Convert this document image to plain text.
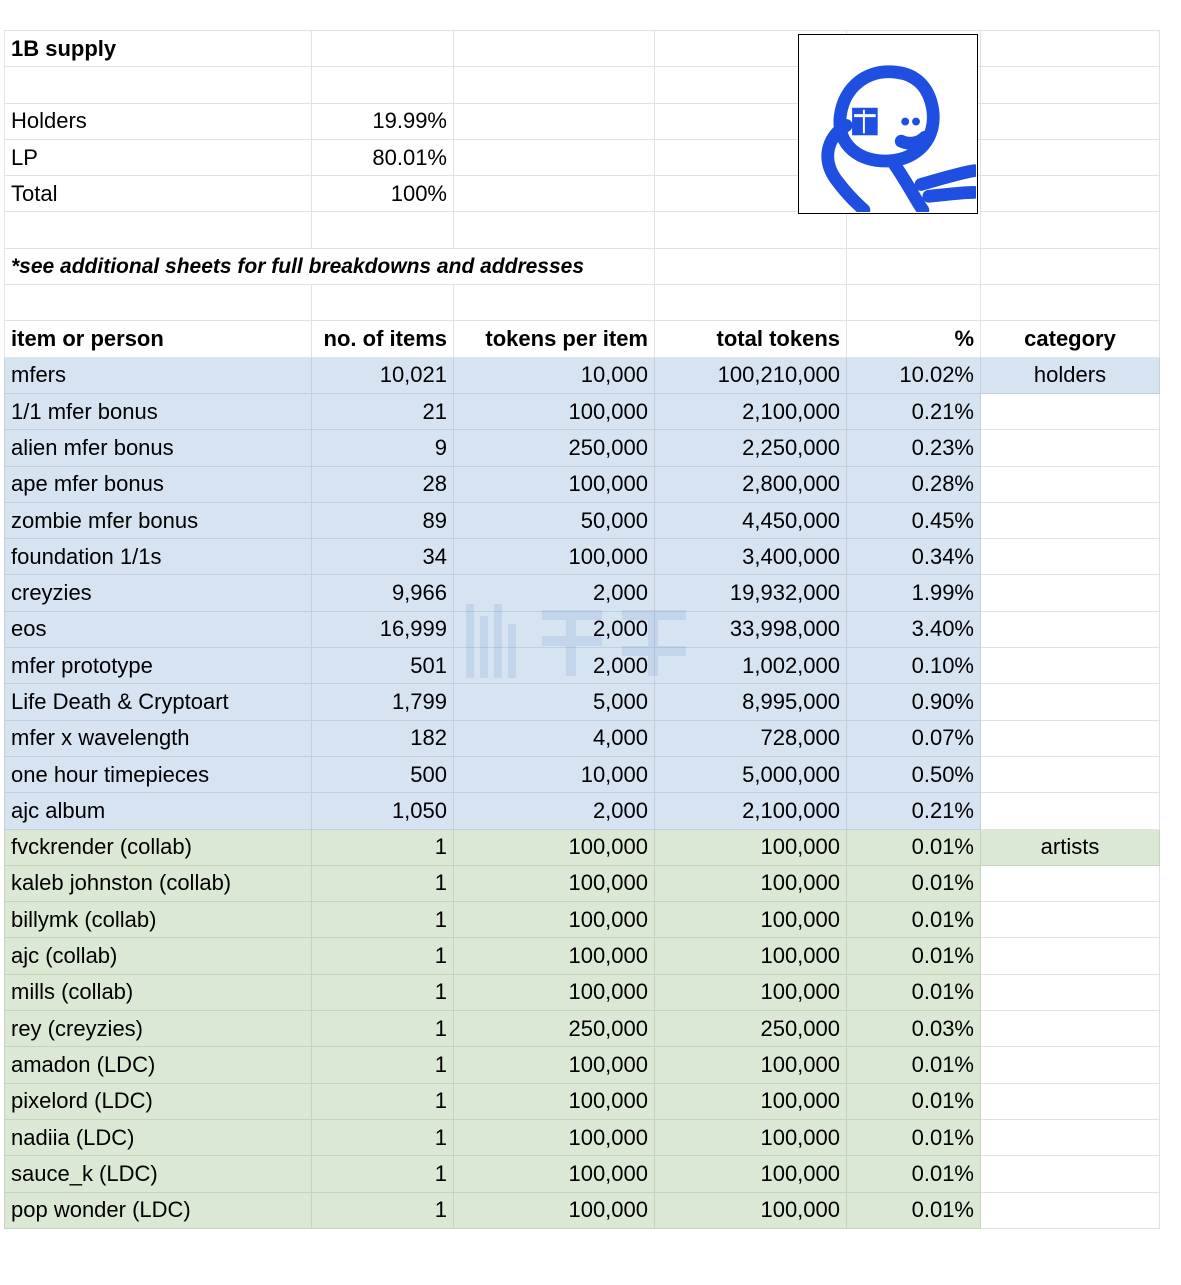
1B supply					

Holders	19.99%				
LP	80.01%				
Total	100%				

*see additional sheets for full breakdowns and addresses					

item or person	no. of items	tokens per item	total tokens	%	category
mfers	10,021	10,000	100,210,000	10.02%	holders
1/1 mfer bonus	21	100,000	2,100,000	0.21%	
alien mfer bonus	9	250,000	2,250,000	0.23%	
ape mfer bonus	28	100,000	2,800,000	0.28%	
zombie mfer bonus	89	50,000	4,450,000	0.45%	
foundation 1/1s	34	100,000	3,400,000	0.34%	
creyzies	9,966	2,000	19,932,000	1.99%	
eos	16,999	2,000	33,998,000	3.40%	
mfer prototype	501	2,000	1,002,000	0.10%	
Life Death & Cryptoart	1,799	5,000	8,995,000	0.90%	
mfer x wavelength	182	4,000	728,000	0.07%	
one hour timepieces	500	10,000	5,000,000	0.50%	
ajc album	1,050	2,000	2,100,000	0.21%	
fvckrender (collab)	1	100,000	100,000	0.01%	artists
kaleb johnston (collab)	1	100,000	100,000	0.01%	
billymk (collab)	1	100,000	100,000	0.01%	
ajc (collab)	1	100,000	100,000	0.01%	
mills (collab)	1	100,000	100,000	0.01%	
rey (creyzies)	1	250,000	250,000	0.03%	
amadon (LDC)	1	100,000	100,000	0.01%	
pixelord (LDC)	1	100,000	100,000	0.01%	
nadiia (LDC)	1	100,000	100,000	0.01%	
sauce_k (LDC)	1	100,000	100,000	0.01%	
pop wonder (LDC)	1	100,000	100,000	0.01%	
